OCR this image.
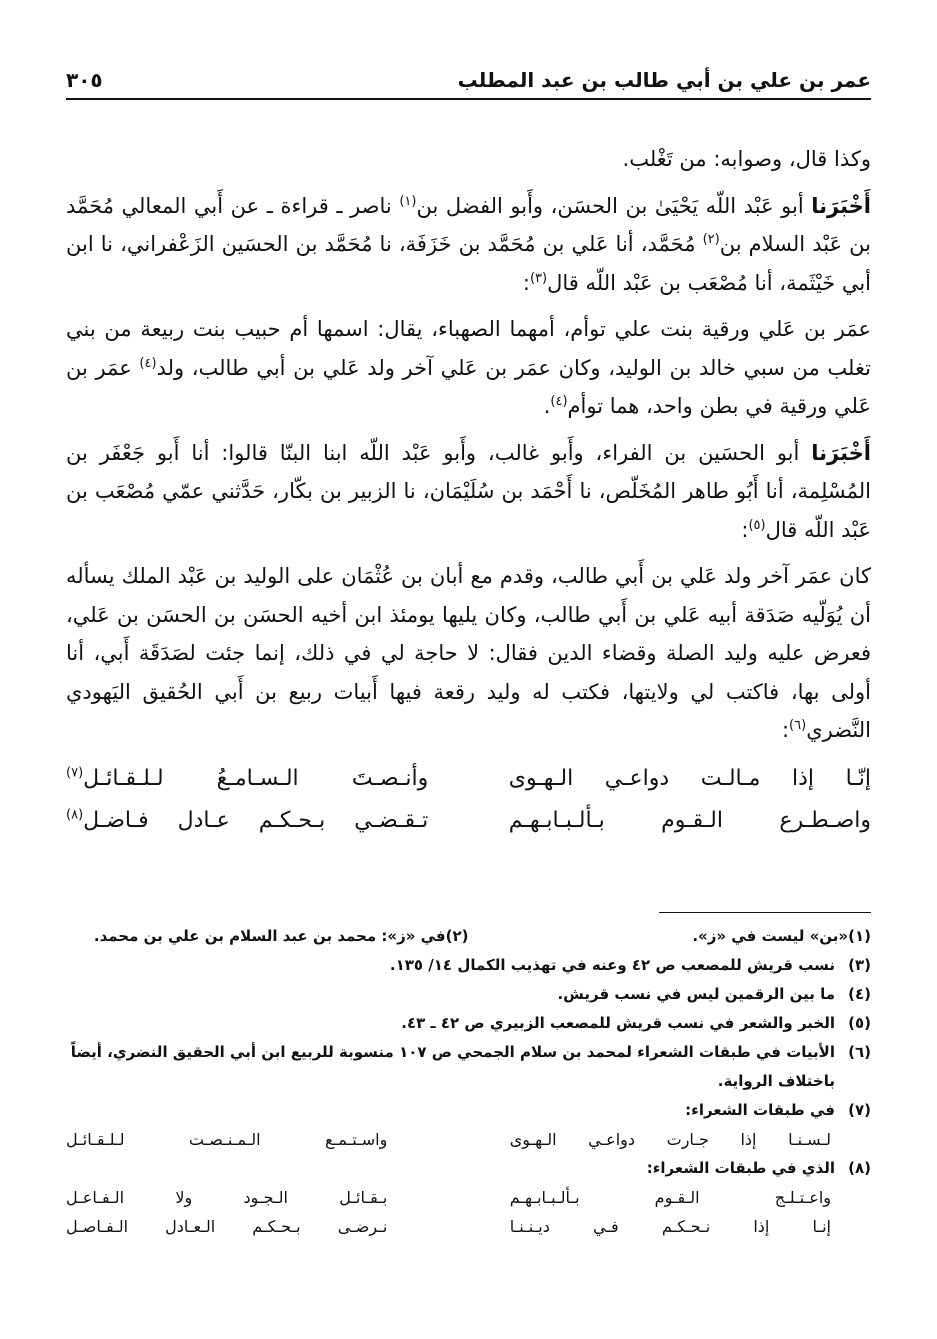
عمر بن علي بن أبي طالب بن عبد المطلب
٣٠٥

وكذا قال، وصوابه: من تَغْلب.

أَخْبَرَنا أبو عَبْد اللّه يَحْيَىٰ بن الحسَن، وأَبو الفضل بن$^{(١)}$ ناصر ـ قراءة ـ عن أَبي المعالي مُحَمَّد بن عَبْد السلام بن$^{(٢)}$ مُحَمَّد، أنا عَلي بن مُحَمَّد بن خَزَفَة، نا مُحَمَّد بن الحسَين الزَعْفراني، نا ابن أبي خَيْثَمة، أنا مُصْعَب بن عَبْد اللّه قال$^{(٣)}$:

عمَر بن عَلي ورقية بنت علي توأم، أمهما الصهباء، يقال: اسمها أم حبيب بنت ربيعة من بني تغلب من سبي خالد بن الوليد، وكان عمَر بن عَلي آخر ولد عَلي بن أبي طالب، ولد$^{(٤)}$ عمَر بن عَلي ورقية في بطن واحد، هما توأم$^{(٤)}$.

أَخْبَرَنا أبو الحسَين بن الفراء، وأَبو غالب، وأَبو عَبْد اللّه ابنا البنّا قالوا: أنا أَبو جَعْفَر بن المُسْلِمة، أنا أَبُو طاهر المُخَلّص، نا أَحْمَد بن سُلَيْمَان، نا الزبير بن بكّار، حَدَّثني عمّي مُصْعَب بن عَبْد اللّه قال$^{(٥)}$:

كان عمَر آخر ولد عَلي بن أَبي طالب، وقدم مع أبان بن عُثْمَان على الوليد بن عَبْد الملك يسأله أن يُوَلّيه صَدَقة أبيه عَلي بن أَبي طالب، وكان يليها يومئذ ابن أخيه الحسَن بن الحسَن بن عَلي، فعرض عليه وليد الصلة وقضاء الدين فقال: لا حاجة لي في ذلك، إنما جئت لصَدَقَة أَبي، أنا أولى بها، فاكتب لي ولايتها، فكتب له وليد رقعة فيها أَبيات ربيع بن أَبي الحُقيق اليَهودي النَّضري$^{(٦)}$:

إنّـا إذا مـالـت دواعـي الـهـوى
وأنـصـتَ الـسـامـعُ لـلـقـائـل$^{(٧)}$
واصـطـرع الـقـوم بـألـبـابـهـم
تـقـضـي بـحـكـم عـادل فـاضـل$^{(٨)}$
(١)
«بن» ليست في «ز».
(٢)
في «ز»: محمد بن عبد السلام بن علي بن محمد.
(٣)
نسب قريش للمصعب ص ٤٢ وعنه في تهذيب الكمال ١٤/ ١٣٥.
(٤)
ما بين الرقمين ليس في نسب قريش.
(٥)
الخبر والشعر في نسب قريش للمصعب الزبيري ص ٤٢ ـ ٤٣.
(٦)
الأبيات في طبقات الشعراء لمحمد بن سلام الجمحي ص ١٠٧ منسوبة للربيع ابن أبي الحقيق النضري، أيضاً باختلاف الرواية.
(٧)
في طبقات الشعراء:
لـسـنـا إذا جـارت دواعـي الـهـوى
واسـتـمـع الـمـنـصـت لـلـقـائـل
(٨)
الذي في طبقات الشعراء:
واعـتـلـج الـقـوم بـألـبـابـهـم
بـقـائـل الـجـود ولا الـفـاعـل
إنـا إذا نـحـكـم فـي ديـنـنـا
نـرضـى بـحـكـم الـعـادل الـفـاصـل
